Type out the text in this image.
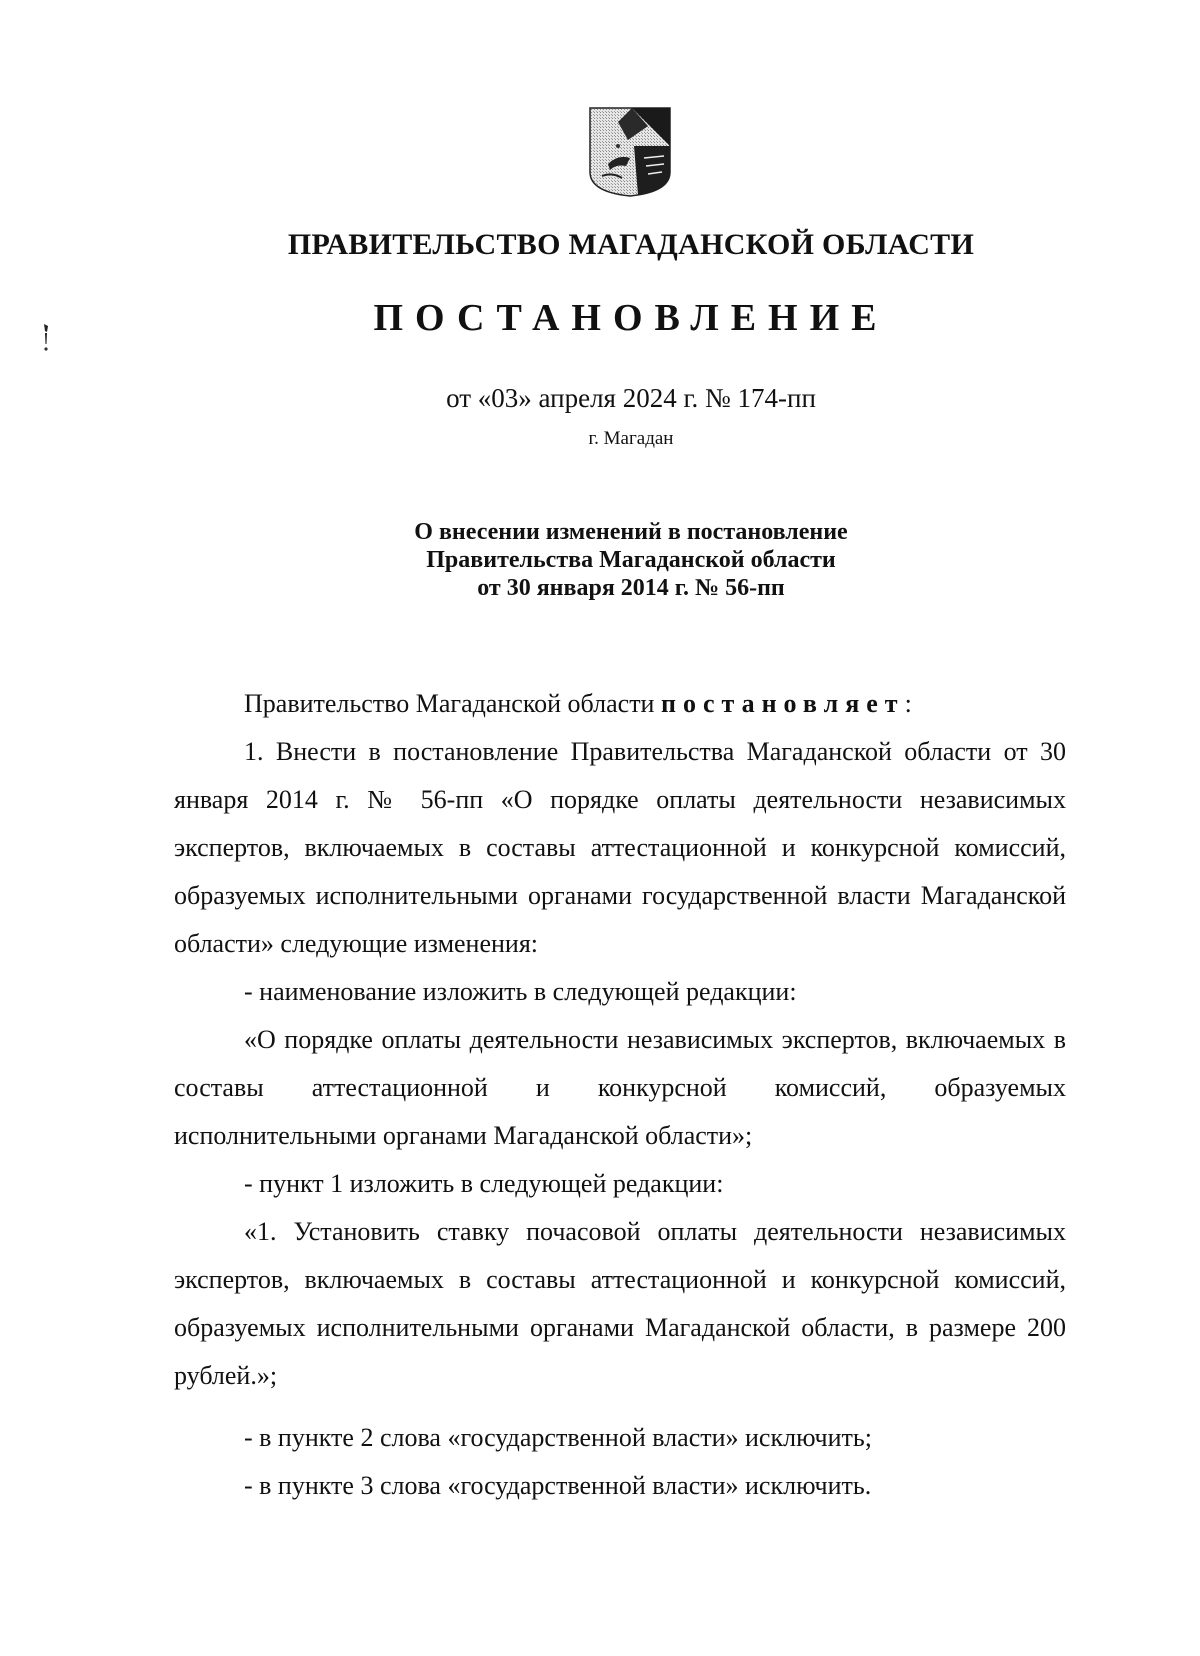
ПРАВИТЕЛЬСТВО МАГАДАНСКОЙ ОБЛАСТИ
ПОСТАНОВЛЕНИЕ
от «03» апреля 2024 г. № 174-пп
г. Магадан
О внесении изменений в постановление
Правительства Магаданской области
от 30 января 2014 г. № 56-пп

Правительство Магаданской области постановляет:

1. Внести в постановление Правительства Магаданской области от 30 января 2014 г. № 56-пп «О порядке оплаты деятельности независимых экспертов, включаемых в составы аттестационной и конкурсной комиссий, образуемых исполнительными органами государственной власти Магаданской области» следующие изменения:

- наименование изложить в следующей редакции:

«О порядке оплаты деятельности независимых экспертов, включаемых в составы аттестационной и конкурсной комиссий, образуемых исполнительными органами Магаданской области»;

- пункт 1 изложить в следующей редакции:

«1. Установить ставку почасовой оплаты деятельности независимых экспертов, включаемых в составы аттестационной и конкурсной комиссий, образуемых исполнительными органами Магаданской области, в размере 200 рублей.»;

- в пункте 2 слова «государственной власти» исключить;

- в пункте 3 слова «государственной власти» исключить.
